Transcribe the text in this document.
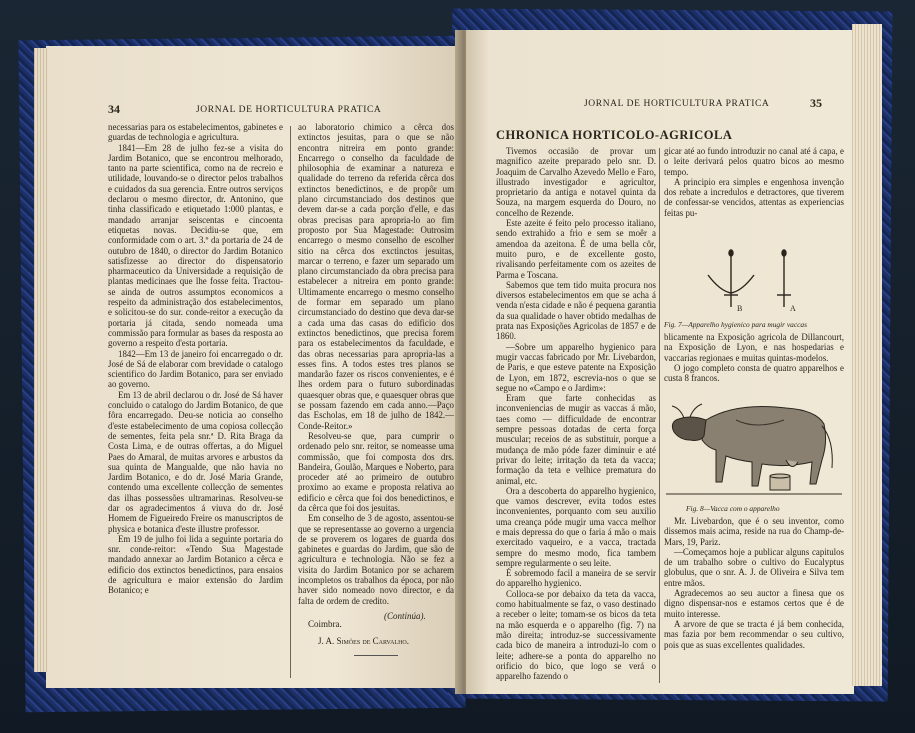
34	JORNAL DE HORTICULTURA PRATICA

necessarias para os estabelecimentos, gabinetes e guardas de technologia e agricultura.

1841—Em 28 de julho fez-se a visita do Jardim Botanico, que se encontrou melhorado, tanto na parte scientifica, como na de recreio e utilidade, louvando-se o director pelos trabalhos e cuidados da sua gerencia. Entre outros serviços declarou o mesmo director, dr. Antonino, que tinha classificado e etiquetado 1:000 plantas, e mandado arranjar seiscentas e cincoenta etiquetas novas. Decidiu-se que, em conformidade com o art. 3.º da portaria de 24 de outubro de 1840, o director do Jardim Botanico satisfizesse ao director do dispensatorio pharmaceutico da Universidade a requisição de plantas medicinaes que lhe fosse feita. Tractou-se ainda de outros assumptos economicos a respeito da administração dos estabelecimentos, e solicitou-se do sur. conde-reitor a execução da portaria já citada, sendo nomeada uma commissão para formular as bases da resposta ao governo a respeito d'esta portaria.

1842—Em 13 de janeiro foi encarregado o dr. José de Sá de elaborar com brevidade o catalogo scientifico do Jardim Botanico, para ser enviado ao governo.

Em 13 de abril declarou o dr. José de Sá haver concluido o catalogo do Jardim Botanico, de que fôra encarregado. Deu-se noticia ao conselho d'este estabelecimento de uma copiosa collecção de sementes, feita pela snr.ª D. Rita Braga da Costa Lima, e de outras offertas, a do Miguel Paes do Amaral, de muitas arvores e arbustos da sua quinta de Mangualde, que não havia no Jardim Botanico, e do dr. José Maria Grande, contendo uma excellente collecção de sementes das ilhas possessões ultramarinas. Resolveu-se dar os agradecimentos á viuva do dr. José Homem de Figueiredo Freire os manuscriptos de physica e botanica d'este illustre professor.

Em 19 de julho foi lida a seguinte portaria do snr. conde-reitor: «Tendo Sua Magestade mandado annexar ao Jardim Botanico a cêrca e edificio dos extinctos benedictinos, para ensaios de agricultura e maior extensão do Jardim Botanico; e

ao laboratorio chimico a cêrca dos extinctos jesuitas, para o que se não encontra nitreira em ponto grande: Encarrego o conselho da faculdade de philosophia de examinar a natureza e qualidade do terreno da referida cêrca dos extinctos benedictinos, e de propôr um plano circumstanciado dos destinos que devem dar-se a cada porção d'elle, e das obras precisas para apropria-lo ao fim proposto por Sua Magestade: Outrosim encarrego o mesmo conselho de escolher sitio na cêrca dos exctinctos jesuitas, marcar o terreno, e fazer um separado um plano circumstanciado da obra precisa para estabelecer a nitreira em ponto grande: Ultimamente encarrego o mesmo conselho de formar em separado um plano circumstanciado do destino que deva dar-se a cada uma das casas do edificio dos extinctos benedictinos, que precisa forem para os estabelecimentos da faculdade, e das obras necessarias para apropria-las a esses fins. A todos estes tres planos se mandarão fazer os riscos convenientes, e é lhes ordem para o futuro subordinadas quaesquer obras que, e quaesquer obras que se possam fazendo em cada anno.—Paço das Escholas, em 18 de julho de 1842.—Conde-Reitor.»

Resolveu-se que, para cumprir o ordenado pelo snr. reitor, se nomeasse uma commissão, que foi composta dos drs. Bandeira, Goulão, Marques e Noberto, para proceder até ao primeiro de outubro proximo ao exame e proposta relativa ao edificio e cêrca que foi dos benedictinos, e da cêrca que foi dos jesuitas.

Em conselho de 3 de agosto, assentou-se que se representasse ao governo a urgencia de se proverem os logares de guarda dos gabinetes e guardas do Jardim, que são de agricultura e technologia. Não se fez a visita do Jardim Botanico por se acharem incompletos os trabalhos da época, por não haver sido nomeado novo director, e da falta de ordem de credito.

Coimbra.
(Continúa).
J. A. Simões de Carvalho.
JORNAL DE HORTICULTURA PRATICA	35
CHRONICA HORTICOLO-AGRICOLA

Tivemos occasião de provar um magnifico azeite preparado pelo snr. D. Joaquim de Carvalho Azevedo Mello e Faro, illustrado investigador e agricultor, proprietario da antiga e notavel quinta da Souza, na margem esquerda do Douro, no concelho de Rezende.

Este azeite é feito pelo processo italiano, sendo extrahido a frio e sem se moêr a amendoa da azeitona. É de uma bella côr, muito puro, e de excellente gosto, rivalisando perfeitamente com os azeites de Parma e Toscana.

Sabemos que tem tido muita procura nos diversos estabelecimentos em que se acha á venda n'esta cidade e não é pequena garantia da sua qualidade o haver obtido medalhas de prata nas Exposições Agricolas de 1857 e de 1860.

—Sobre um apparelho hygienico para mugir vaccas fabricado por Mr. Livebardon, de Paris, e que esteve patente na Exposição de Lyon, em 1872, escrevia-nos o que se segue no «Campo e o Jardim»:

Eram que farte conhecidas as inconveniencias de mugir as vaccas á mão, taes como — difficuldade de encontrar sempre pessoas dotadas de certa força muscular; receios de as substituir, porque a mudança de mão póde fazer diminuir e até privar do leite; irritação da teta da vacca; formação da teta e velhice prematura do animal, etc.

Ora a descoberta do apparelho hygienico, que vamos descrever, evita todos estes inconvenientes, porquanto com seu auxilio uma creança póde mugir uma vacca melhor e mais depressa do que o faria á mão o mais exercitado vaqueiro, e a vacca, tractada sempre do mesmo modo, fica tambem sempre regularmente o seu leite.

É sobremodo facil a maneira de se servir do apparelho hygienico.

Colloca-se por debaixo da teta da vacca, como habitualmente se faz, o vaso destinado a receber o leite; tomam-se os bicos da teta na mão esquerda e o apparelho (fig. 7) na mão direita; introduz-se successivamente cada bico de maneira a introduzi-lo com o leite; adhere-se a ponta do apparelho no orificio do bico, que logo se verá o apparelho fazendo o

gicar até ao fundo introduzir no canal até á capa, e o leite derivará pelos quatro bicos ao mesmo tempo.

A principio era simples e engenhosa invenção dos rebate a incredulos e detractores, que tiverem de confessar-se vencidos, attentas as experiencias feitas pu-

B	A
Fig. 7—Apparelho hygienico para mugir vaccas

blicamente na Exposição agricola de Dillancourt, na Exposição de Lyon, e nas hospedarias e vaccarias regionaes e muitas quintas-modelos.

O jogo completo consta de quatro apparelhos e custa 8 francos.

Fig. 8—Vacca com o apparelho

Mr. Livebardon, que é o seu inventor, como dissemos mais acima, reside na rua do Champ-de-Mars, 19, Pariz.

—Começamos hoje a publicar alguns capitulos de um trabalho sobre o cultivo do Eucalyptus globulus, que o snr. A. J. de Oliveira e Silva tem entre mãos.

Agradecemos ao seu auctor a finesa que os digno dispensar-nos e estamos certos que é de muito interesse.

A arvore de que se tracta é já bem conhecida, mas fazia por bem recommendar o seu cultivo, pois que as suas excellentes qualidades.
